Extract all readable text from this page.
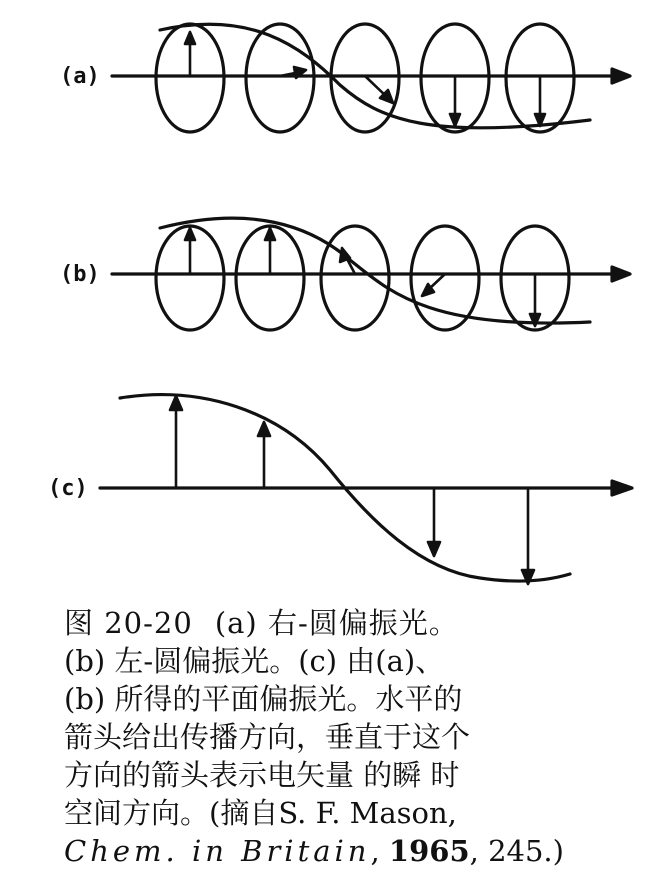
(a)
(b)
(c)
图 20-20 (a) 右-圆偏振光。
(b) 左-圆偏振光。(c) 由(a)、
(b) 所得的平面偏振光。水平的
箭头给出传播方向，垂直于这个
方向的箭头表示电矢量 的瞬 时
空间方向。(摘自S. F. Mason,
Chem. in Britain, 1965, 245.)
